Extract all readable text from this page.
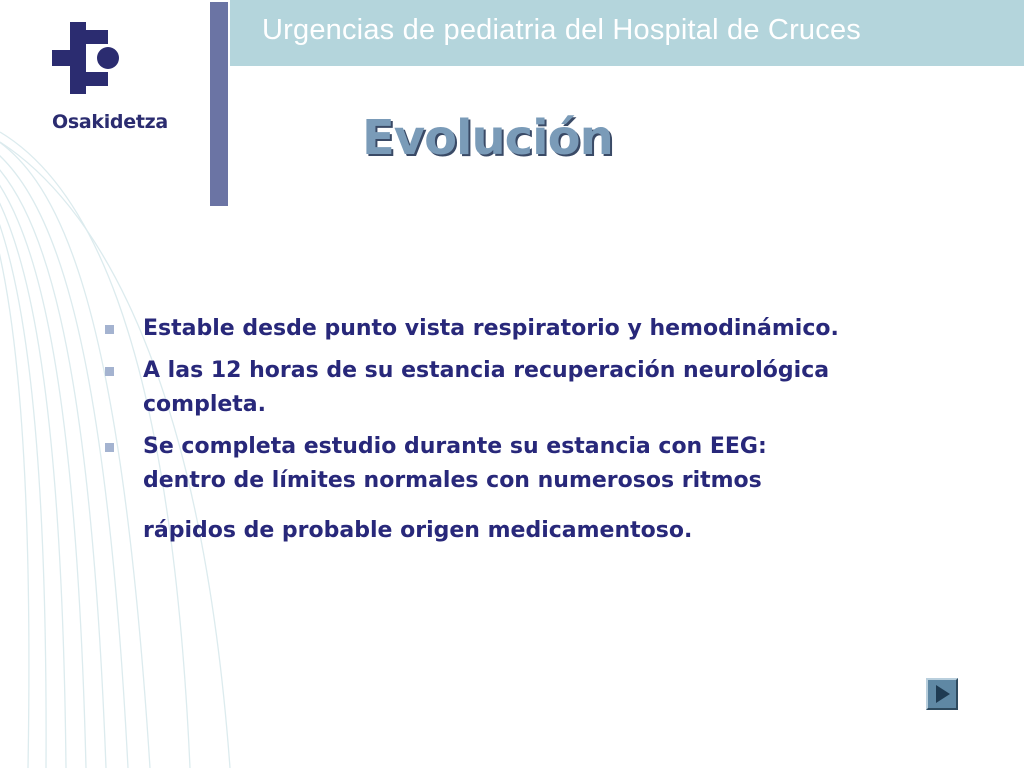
Urgencias de pediatria del Hospital de Cruces
Osakidetza	Evolución
Estable desde punto vista respiratorio y hemodinámico.
A las 12 horas de su estancia recuperación neurológica
completa.
Se completa estudio durante su estancia con EEG:
dentro de límites normales con numerosos ritmos
rápidos de probable origen medicamentoso.
